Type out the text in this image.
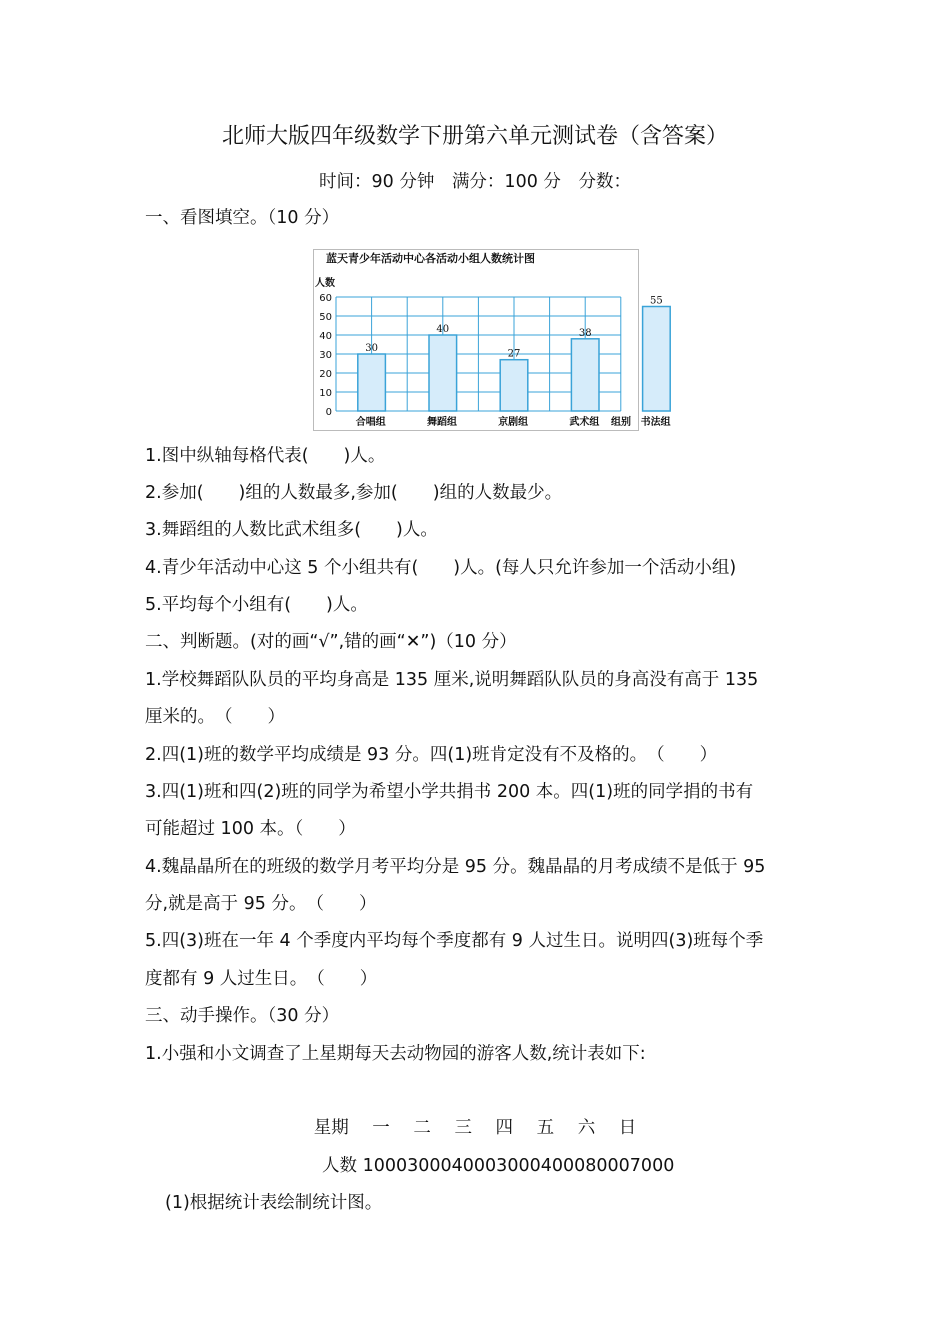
北师大版四年级数学下册第六单元测试卷（含答案）
时间：90 分钟 满分：100 分 分数：
一、看图填空。（10 分）
蓝天青少年活动中心各活动小组人数统计图
人数
0
10
20
30
40
50
60
30
合唱组
40
舞蹈组
27
京剧组
38
武术组
55
书法组
组别
1.图中纵轴每格代表(　　)人。
2.参加(　　)组的人数最多,参加(　　)组的人数最少。
3.舞蹈组的人数比武术组多(　　)人。
4.青少年活动中心这 5 个小组共有(　　)人。(每人只允许参加一个活动小组)
5.平均每个小组有(　　)人。
二、判断题。(对的画“√”,错的画“✕”)（10 分）
1.学校舞蹈队队员的平均身高是 135 厘米,说明舞蹈队队员的身高没有高于 135
厘米的。　（　　）
2.四(1)班的数学平均成绩是 93 分。四(1)班肯定没有不及格的。　（　　）
3.四(1)班和四(2)班的同学为希望小学共捐书 200 本。四(1)班的同学捐的书有
可能超过 100 本。（　　）
4.魏晶晶所在的班级的数学月考平均分是 95 分。魏晶晶的月考成绩不是低于 95
分,就是高于 95 分。　（　　）
5.四(3)班在一年 4 个季度内平均每个季度都有 9 人过生日。说明四(3)班每个季
度都有 9 人过生日。　（　　）
三、动手操作。（30 分）
1.小强和小文调查了上星期每天去动物园的游客人数,统计表如下:
星期 一 二 三 四 五 六 日
人数 1000300040003000400080007000
(1)根据统计表绘制统计图。
